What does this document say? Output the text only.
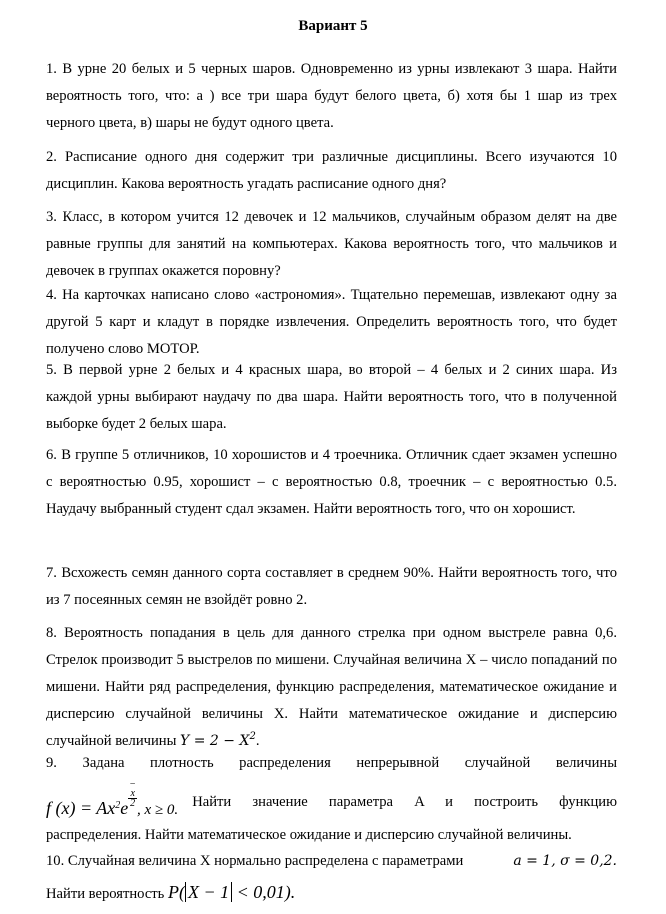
Вариант 5
1. В урне 20 белых и 5 черных шаров. Одновременно из урны извлекают 3 шара. Найти вероятность того, что: а ) все три шара будут белого цвета, б) хотя бы 1 шар из трех черного цвета, в) шары не будут одного цвета.
2. Расписание одного дня содержит три различные дисциплины. Всего изучаются 10 дисциплин. Какова вероятность угадать расписание одного дня?
3. Класс, в котором учится 12 девочек и 12 мальчиков, случайным образом делят на две равные группы для занятий на компьютерах. Какова вероятность того, что мальчиков и девочек в группах окажется поровну?
4. На карточках написано слово «астрономия». Тщательно перемешав, извлекают одну за другой 5 карт и кладут в порядке извлечения. Определить вероятность того, что будет получено слово МОТОР.
5. В первой урне 2 белых и 4 красных шара, во второй – 4 белых и 2 синих шара. Из каждой урны выбирают наудачу по два шара. Найти вероятность того, что в полученной выборке будет 2 белых шара.
6. В группе 5 отличников, 10 хорошистов и 4 троечника. Отличник сдает экзамен успешно с вероятностью 0.95, хорошист – с вероятностью 0.8, троечник – с вероятностью 0.5. Наудачу выбранный студент сдал экзамен. Найти вероятность того, что он хорошист.
7. Всхожесть семян данного сорта составляет в среднем 90%. Найти вероятность того, что из 7 посеянных семян не взойдёт ровно 2.
8. Вероятность попадания в цель для данного стрелка при одном выстреле равна 0,6. Стрелок производит 5 выстрелов по мишени. Случайная величина X – число попаданий по мишени. Найти ряд распределения, функцию распределения, математическое ожидание и дисперсию случайной величины X. Найти математическое ожидание и дисперсию случайной величины $Y = 2 - X^2$.
9. Задана плотность распределения непрерывной случайной величины
f $(x) = Ax^2e$ −
x
2
, x ≥ 0.
Найти значение параметра A и построить функцию
распределения. Найти математическое ожидание и дисперсию случайной величины.
10. Случайная величина X нормально распределена с параметрами	a = 1, σ = 0,2.
Найти вероятность P( X − 1 < 0,01).
